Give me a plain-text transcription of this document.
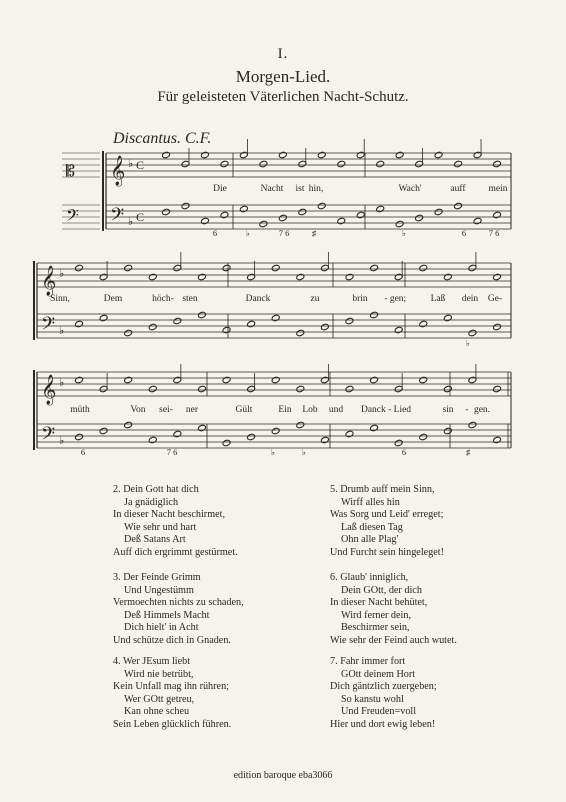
I.
Morgen-Lied.
Für geleisteten Väterlichen Nacht-Schutz.
Discantus. C.F.
𝄞 ♭ C
𝄢 ♭ C
𝄡
𝄢
𝄞 ♭
𝄢 ♭
𝄞 ♭
𝄢 ♭
Die	Nacht ist hin,	Wach'	auff mein
Sinn,	Dem	höch- sten	Danck	zu	brin - gen;	Laß dein Ge-
müth	Von sei- ner	Gült	Ein Lob und Danck - Lied	sin - gen.
6	♭	7 6	♯	♭	6	7 6
♭
6	7 6	♭	♭	6	♯
2. Dein Gott hat dich
Ja gnädiglich
In dieser Nacht beschirmet,
Wie sehr und hart
Deß Satans Art
Auff dich ergrimmt gestürmet.
3. Der Feinde Grimm
Und Ungestümm
Vermoechten nichts zu schaden,
Deß Himmels Macht
Dich hielt' in Acht
Und schütze dich in Gnaden.
4. Wer JEsum liebt
Wird nie betrübt,
Kein Unfall mag ihn rühren;
Wer GOtt getreu,
Kan ohne scheu
Sein Leben glücklich führen.
5. Drumb auff mein Sinn,
Wirff alles hin
Was Sorg und Leid' erreget;
Laß diesen Tag
Ohn alle Plag'
Und Furcht sein hingeleget!
6. Glaub' inniglich,
Dein GOtt, der dich
In dieser Nacht behütet,
Wird ferner dein,
Beschirmer sein,
Wie sehr der Feind auch wutet.
7. Fahr immer fort
GOtt deinem Hort
Dich gäntzlich zuergeben;
So kanstu wohl
Und Freuden=voll
Hier und dort ewig leben!
edition baroque eba3066
